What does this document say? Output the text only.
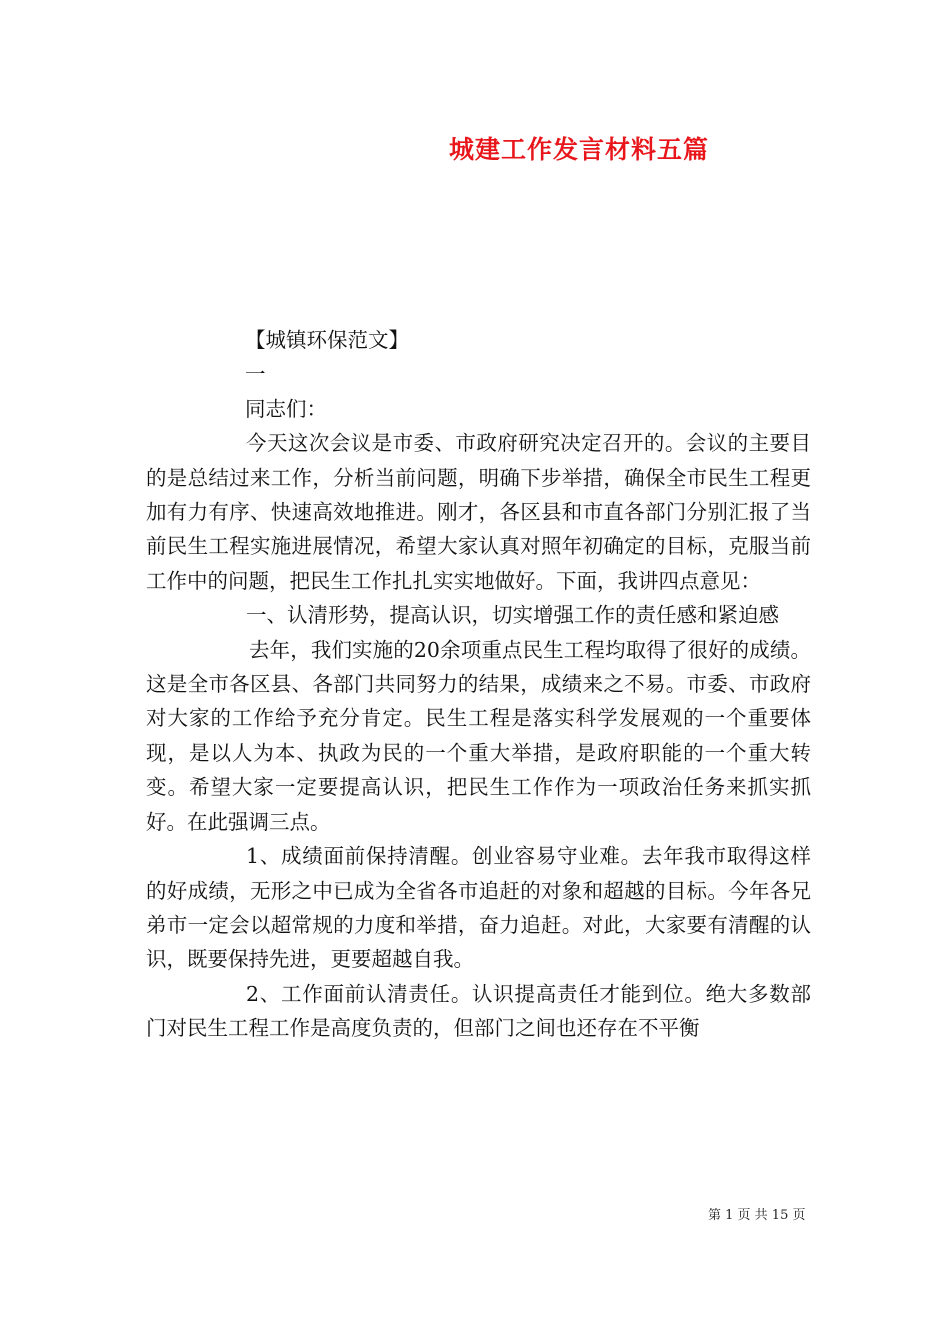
城建工作发言材料五篇

【城镇环保范文】

一

同志们：

今天这次会议是市委、市政府研究决定召开的。会议的主要目的是总结过来工作，分析当前问题，明确下步举措，确保全市民生工程更加有力有序、快速高效地推进。刚才，各区县和市直各部门分别汇报了当前民生工程实施进展情况，希望大家认真对照年初确定的目标，克服当前工作中的问题，把民生工作扎扎实实地做好。下面，我讲四点意见：

一、认清形势，提高认识，切实增强工作的责任感和紧迫感

去年，我们实施的20余项重点民生工程均取得了很好的成绩。这是全市各区县、各部门共同努力的结果，成绩来之不易。市委、市政府对大家的工作给予充分肯定。民生工程是落实科学发展观的一个重要体现，是以人为本、执政为民的一个重大举措，是政府职能的一个重大转变。希望大家一定要提高认识，把民生工作作为一项政治任务来抓实抓好。在此强调三点。

1、成绩面前保持清醒。创业容易守业难。去年我市取得这样的好成绩，无形之中已成为全省各市追赶的对象和超越的目标。今年各兄弟市一定会以超常规的力度和举措，奋力追赶。对此，大家要有清醒的认识，既要保持先进，更要超越自我。

2、工作面前认清责任。认识提高责任才能到位。绝大多数部门对民生工程工作是高度负责的，但部门之间也还存在不平衡

第 1 页 共 15 页
